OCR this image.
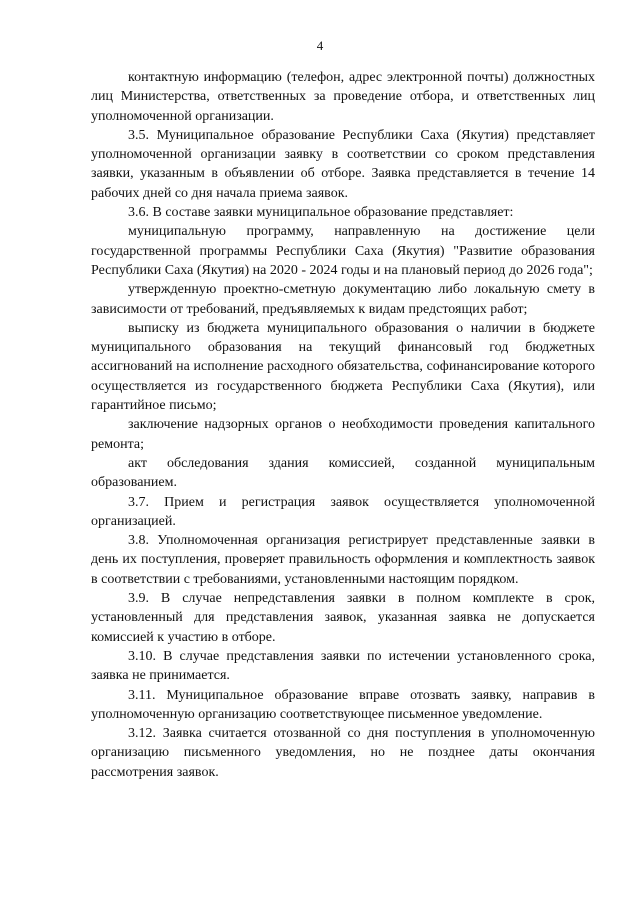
4

контактную информацию (телефон, адрес электронной почты) должностных лиц Министерства, ответственных за проведение отбора, и ответственных лиц уполномоченной организации.

3.5. Муниципальное образование Республики Саха (Якутия) представляет уполномоченной организации заявку в соответствии со сроком представления заявки, указанным в объявлении об отборе. Заявка представляется в течение 14 рабочих дней со дня начала приема заявок.

3.6. В составе заявки муниципальное образование представляет:

муниципальную программу, направленную на достижение цели государственной программы Республики Саха (Якутия) "Развитие образования Республики Саха (Якутия) на 2020 - 2024 годы и на плановый период до 2026 года";

утвержденную проектно-сметную документацию либо локальную смету в зависимости от требований, предъявляемых к видам предстоящих работ;

выписку из бюджета муниципального образования о наличии в бюджете муниципального образования на текущий финансовый год бюджетных ассигнований на исполнение расходного обязательства, софинансирование которого осуществляется из государственного бюджета Республики Саха (Якутия), или гарантийное письмо;

заключение надзорных органов о необходимости проведения капитального ремонта;

акт обследования здания комиссией, созданной муниципальным образованием.

3.7. Прием и регистрация заявок осуществляется уполномоченной организацией.

3.8. Уполномоченная организация регистрирует представленные заявки в день их поступления, проверяет правильность оформления и комплектность заявок в соответствии с требованиями, установленными настоящим порядком.

3.9. В случае непредставления заявки в полном комплекте в срок, установленный для представления заявок, указанная заявка не допускается комиссией к участию в отборе.

3.10. В случае представления заявки по истечении установленного срока, заявка не принимается.

3.11. Муниципальное образование вправе отозвать заявку, направив в уполномоченную организацию соответствующее письменное уведомление.

3.12. Заявка считается отозванной со дня поступления в уполномоченную организацию письменного уведомления, но не позднее даты окончания рассмотрения заявок.
